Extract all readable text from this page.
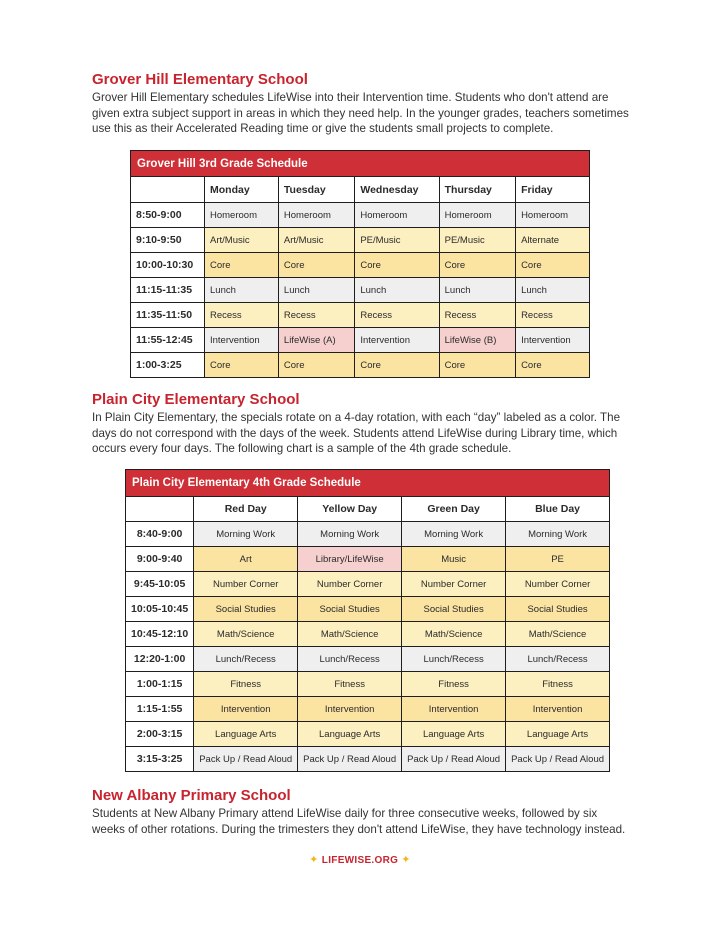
Grover Hill Elementary School
Grover Hill Elementary schedules LifeWise into their Intervention time. Students who don't attend are given extra subject support in areas in which they need help. In the younger grades, teachers sometimes use this as their Accelerated Reading time or give the students small projects to complete.
Grover Hill 3rd Grade Schedule					
	Monday	Tuesday	Wednesday	Thursday	Friday
8:50-9:00	Homeroom	Homeroom	Homeroom	Homeroom	Homeroom
9:10-9:50	Art/Music	Art/Music	PE/Music	PE/Music	Alternate
10:00-10:30	Core	Core	Core	Core	Core
11:15-11:35	Lunch	Lunch	Lunch	Lunch	Lunch
11:35-11:50	Recess	Recess	Recess	Recess	Recess
11:55-12:45	Intervention	LifeWise (A)	Intervention	LifeWise (B)	Intervention
1:00-3:25	Core	Core	Core	Core	Core
Plain City Elementary School
In Plain City Elementary, the specials rotate on a 4-day rotation, with each “day” labeled as a color. The days do not correspond with the days of the week. Students attend LifeWise during Library time, which occurs every four days. The following chart is a sample of the 4th grade schedule.
Plain City Elementary 4th Grade Schedule				
	Red Day	Yellow Day	Green Day	Blue Day
8:40-9:00	Morning Work	Morning Work	Morning Work	Morning Work
9:00-9:40	Art	Library/LifeWise	Music	PE
9:45-10:05	Number Corner	Number Corner	Number Corner	Number Corner
10:05-10:45	Social Studies	Social Studies	Social Studies	Social Studies
10:45-12:10	Math/Science	Math/Science	Math/Science	Math/Science
12:20-1:00	Lunch/Recess	Lunch/Recess	Lunch/Recess	Lunch/Recess
1:00-1:15	Fitness	Fitness	Fitness	Fitness
1:15-1:55	Intervention	Intervention	Intervention	Intervention
2:00-3:15	Language Arts	Language Arts	Language Arts	Language Arts
3:15-3:25	Pack Up / Read Aloud	Pack Up / Read Aloud	Pack Up / Read Aloud	Pack Up / Read Aloud
New Albany Primary School
Students at New Albany Primary attend LifeWise daily for three consecutive weeks, followed by six weeks of other rotations. During the trimesters they don't attend LifeWise, they have technology instead.
✦ LIFEWISE.ORG ✦
